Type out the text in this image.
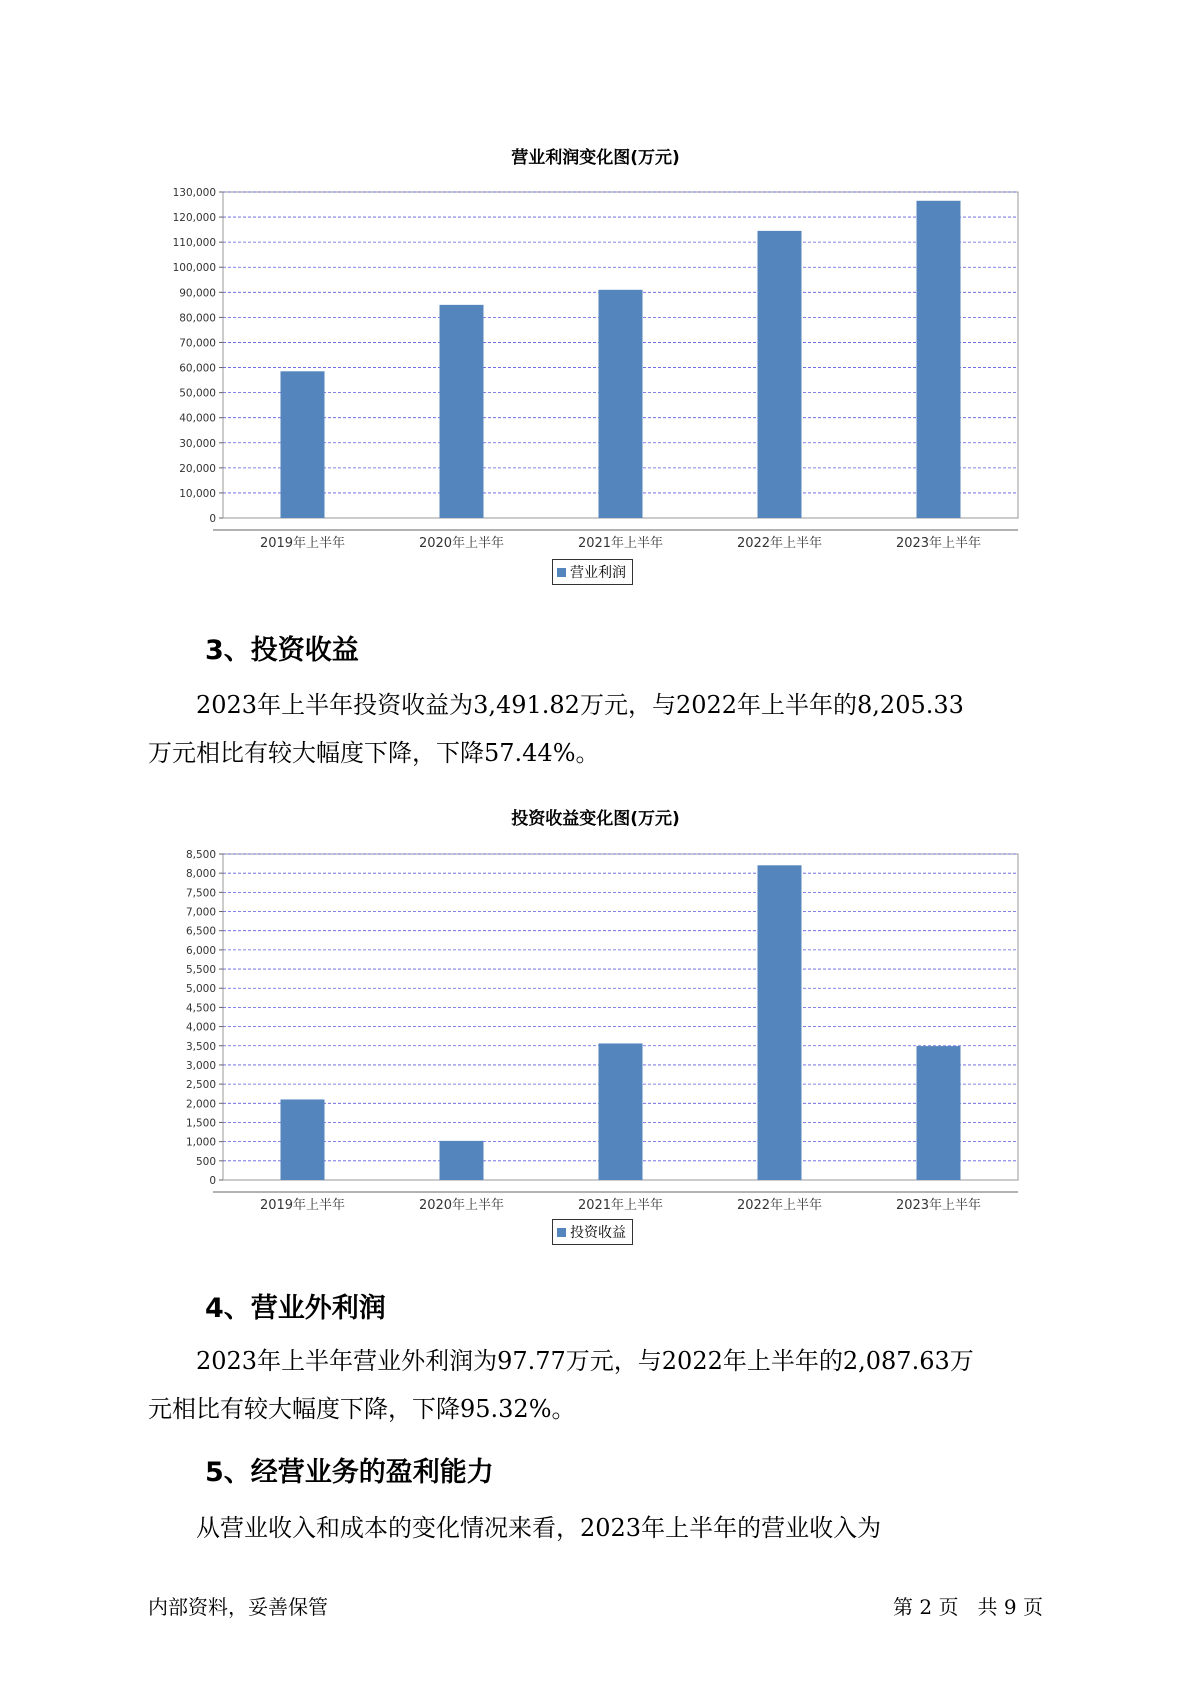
营业利润变化图(万元)
0
10,000
20,000
30,000
40,000
50,000
60,000
70,000
80,000
90,000
100,000
110,000
120,000
130,000
2019年上半年	2020年上半年	2021年上半年	2022年上半年	2023年上半年
营业利润
3、投资收益

2023年上半年投资收益为3,491.82万元，与2022年上半年的8,205.33

万元相比有较大幅度下降，下降57.44%。

投资收益变化图(万元)
0
500
1,000
1,500
2,000
2,500
3,000
3,500
4,000
4,500
5,000
5,500
6,000
6,500
7,000
7,500
8,000
8,500
2019年上半年	2020年上半年	2021年上半年	2022年上半年	2023年上半年
投资收益
4、营业外利润

2023年上半年营业外利润为97.77万元，与2022年上半年的2,087.63万

元相比有较大幅度下降，下降95.32%。

5、经营业务的盈利能力

从营业收入和成本的变化情况来看，2023年上半年的营业收入为

内部资料，妥善保管	第 2 页   共 9 页
